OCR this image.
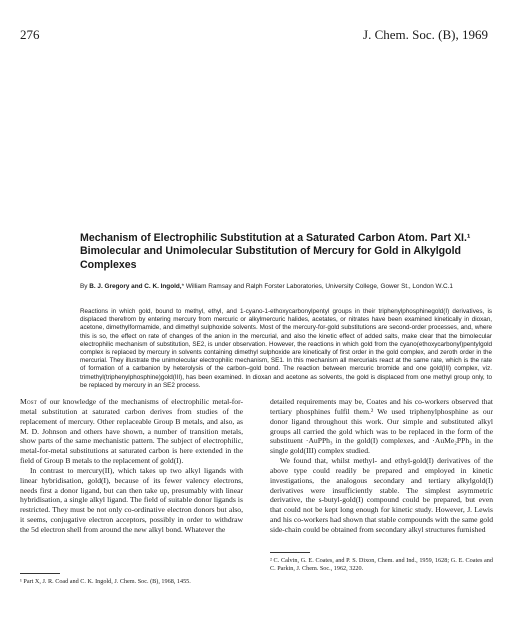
276	J. Chem. Soc. (B), 1969
Mechanism of Electrophilic Substitution at a Saturated Carbon Atom. Part XI.¹ Bimolecular and Unimolecular Substitution of Mercury for Gold in Alkylgold Complexes
By B. J. Gregory and C. K. Ingold,* William Ramsay and Ralph Forster Laboratories, University College, Gower St., London W.C.1
Reactions in which gold, bound to methyl, ethyl, and 1-cyano-1-ethoxycarbonylpentyl groups in their triphenylphosphinegold(I) derivatives, is displaced therefrom by entering mercury from mercuric or alkylmercuric halides, acetates, or nitrates have been examined kinetically in dioxan, acetone, dimethylformamide, and dimethyl sulphoxide solvents. Most of the mercury-for-gold substitutions are second-order processes, and, where this is so, the effect on rate of changes of the anion in the mercurial, and also the kinetic effect of added salts, make clear that the bimolecular electrophilic mechanism of substitution, SE2, is under observation. However, the reactions in which gold from the cyano(ethoxycarbonyl)pentylgold complex is replaced by mercury in solvents containing dimethyl sulphoxide are kinetically of first order in the gold complex, and zeroth order in the mercurial. They illustrate the unimolecular electrophilic mechanism, SE1. In this mechanism all mercurials react at the same rate, which is the rate of formation of a carbanion by heterolysis of the carbon–gold bond. The reaction between mercuric bromide and one gold(III) complex, viz. trimethyl(triphenylphosphine)gold(III), has been examined. In dioxan and acetone as solvents, the gold is displaced from one methyl group only, to be replaced by mercury in an SE2 process.

Most of our knowledge of the mechanisms of electrophilic metal-for-metal substitution at saturated carbon derives from studies of the replacement of mercury. Other replaceable Group B metals, and also, as M. D. Johnson and others have shown, a number of transition metals, show parts of the same mechanistic pattern. The subject of electrophilic, metal-for-metal substitutions at saturated carbon is here extended in the field of Group B metals to the replacement of gold(I).

In contrast to mercury(II), which takes up two alkyl ligands with linear hybridisation, gold(I), because of its fewer valency electrons, needs first a donor ligand, but can then take up, presumably with linear hybridisation, a single alkyl ligand. The field of suitable donor ligands is restricted. They must be not only co-ordinative electron donors but also, it seems, conjugative electron acceptors, possibly in order to withdraw the 5d electron shell from around the new alkyl bond. Whatever the

detailed requirements may be, Coates and his co-workers observed that tertiary phosphines fulfil them.² We used triphenylphosphine as our donor ligand throughout this work. Our simple and substituted alkyl groups all carried the gold which was to be replaced in the form of the substituent ·AuPPh₃ in the gold(I) complexes, and ·AuMe₂PPh₃ in the single gold(III) complex studied.

We found that, whilst methyl- and ethyl-gold(I) derivatives of the above type could readily be prepared and employed in kinetic investigations, the analogous secondary and tertiary alkylgold(I) derivatives were insufficiently stable. The simplest asymmetric derivative, the s-butyl-gold(I) compound could be prepared, but even that could not be kept long enough for kinetic study. However, J. Lewis and his co-workers had shown that stable compounds with the same gold side-chain could be obtained from secondary alkyl structures furnished

¹ Part X, J. R. Coad and C. K. Ingold, J. Chem. Soc. (B), 1968, 1455.
² C. Calvin, G. E. Coates, and P. S. Dixon, Chem. and Ind., 1959, 1628; G. E. Coates and C. Parkin, J. Chem. Soc., 1962, 3220.
